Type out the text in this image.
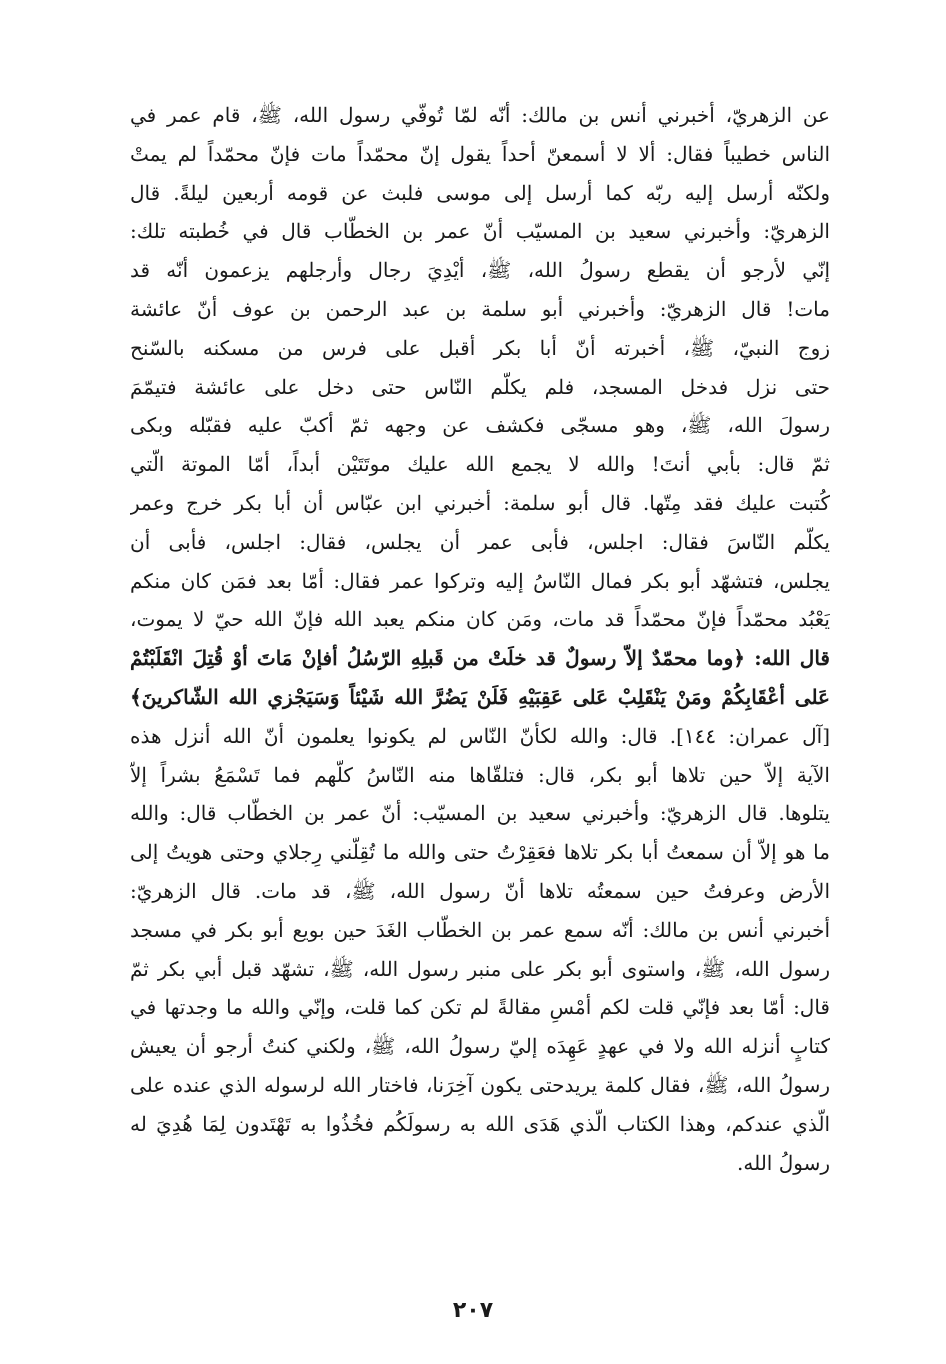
عن الزهريّ، أخبرني أنس بن مالك: أنّه لمّا تُوفّي رسول الله، ﷺ، قام عمر في
الناس خطيباً فقال: ألا لا أسمعنّ أحداً يقول إنّ محمّداً مات فإنّ محمّداً لم يمتْ
ولكنّه أرسل إليه ربّه كما أرسل إلى موسى فلبث عن قومه أربعين ليلةً. قال
الزهريّ: وأخبرني سعيد بن المسيّب أنّ عمر بن الخطّاب قال في خُطبته تلك:
إنّي لأرجو أن يقطع رسولُ الله، ﷺ، أيْدِيَ رجال وأرجلهم يزعمون أنّه قد
مات! قال الزهريّ: وأخبرني أبو سلمة بن عبد الرحمن بن عوف أنّ عائشة
زوج النبيّ، ﷺ، أخبرته أنّ أبا بكر أقبل على فرس من مسكنه بالسّنح
حتى نزل فدخل المسجد، فلم يكلّم النّاس حتى دخل على عائشة فتيمّمَ
رسولَ الله، ﷺ، وهو مسجّى فكشف عن وجهه ثمّ أكبّ عليه فقبّله وبكى
ثمّ قال: بأبي أنتَ! والله لا يجمع الله عليك موتَتَيْن أبداً، أمّا الموتة الّتي
كُتبت عليك فقد مِتّها. قال أبو سلمة: أخبرني ابن عبّاس أن أبا بكر خرج وعمر
يكلّم النّاسَ فقال: اجلس، فأبى عمر أن يجلس، فقال: اجلس، فأبى أن
يجلس، فتشهّد أبو بكر فمال النّاسُ إليه وتركوا عمر فقال: أمّا بعد فمَن كان منكم
يَعْبُد محمّداً فإنّ محمّداً قد مات، ومَن كان منكم يعبد الله فإنّ الله حيّ لا يموت،
قال الله: ﴿وما محمّدٌ إلاّ رسولٌ قد خلَتْ من قَبلِهِ الرّسُلُ أفإنْ مَاتَ أوْ قُتِلَ انْقَلَبْتُمْ
عَلى أعْقَابِكُمْ ومَنْ يَنْقَلِبْ عَلى عَقِبَيْهِ فَلَنْ يَضُرَّ الله شَيْئاً وَسَيَجْزي الله الشّاكرينَ﴾
[آل عمران: ١٤٤]. قال: والله لكأنّ النّاس لم يكونوا يعلمون أنّ الله أنزل هذه
الآية إلاّ حين تلاها أبو بكر، قال: فتلقّاها منه النّاسُ كلّهم فما تَسْمَعُ بشراً إلاّ
يتلوها. قال الزهريّ: وأخبرني سعيد بن المسيّب: أنّ عمر بن الخطّاب قال: والله
ما هو إلاّ أن سمعتُ أبا بكر تلاها فعَقِرْتُ حتى والله ما تُقِلّني رِجلاي وحتى هويتُ إلى
الأرض وعرفتُ حين سمعتُه تلاها أنّ رسول الله، ﷺ، قد مات. قال الزهريّ:
أخبرني أنس بن مالك: أنّه سمع عمر بن الخطّاب الغَدَ حين بويع أبو بكر في مسجد
رسول الله، ﷺ، واستوى أبو بكر على منبر رسول الله، ﷺ، تشهّد قبل أبي بكر ثمّ
قال: أمّا بعد فإنّي قلت لكم أمْسِ مقالةً لم تكن كما قلت، وإنّي والله ما وجدتها في
كتابٍ أنزله الله ولا في عهدٍ عَهِدَه إليّ رسولُ الله، ﷺ، ولكني كنتُ أرجو أن يعيش
رسولُ الله، ﷺ، فقال كلمة يريدحتى يكون آخِرَنا، فاختار الله لرسوله الذي عنده على
الّذي عندكم، وهذا الكتاب الّذي هَدَى الله به رسولَكُم فخُذُوا به تَهْتَدون لِمَا هُدِيَ له
رسولُ الله.
٢٠٧
